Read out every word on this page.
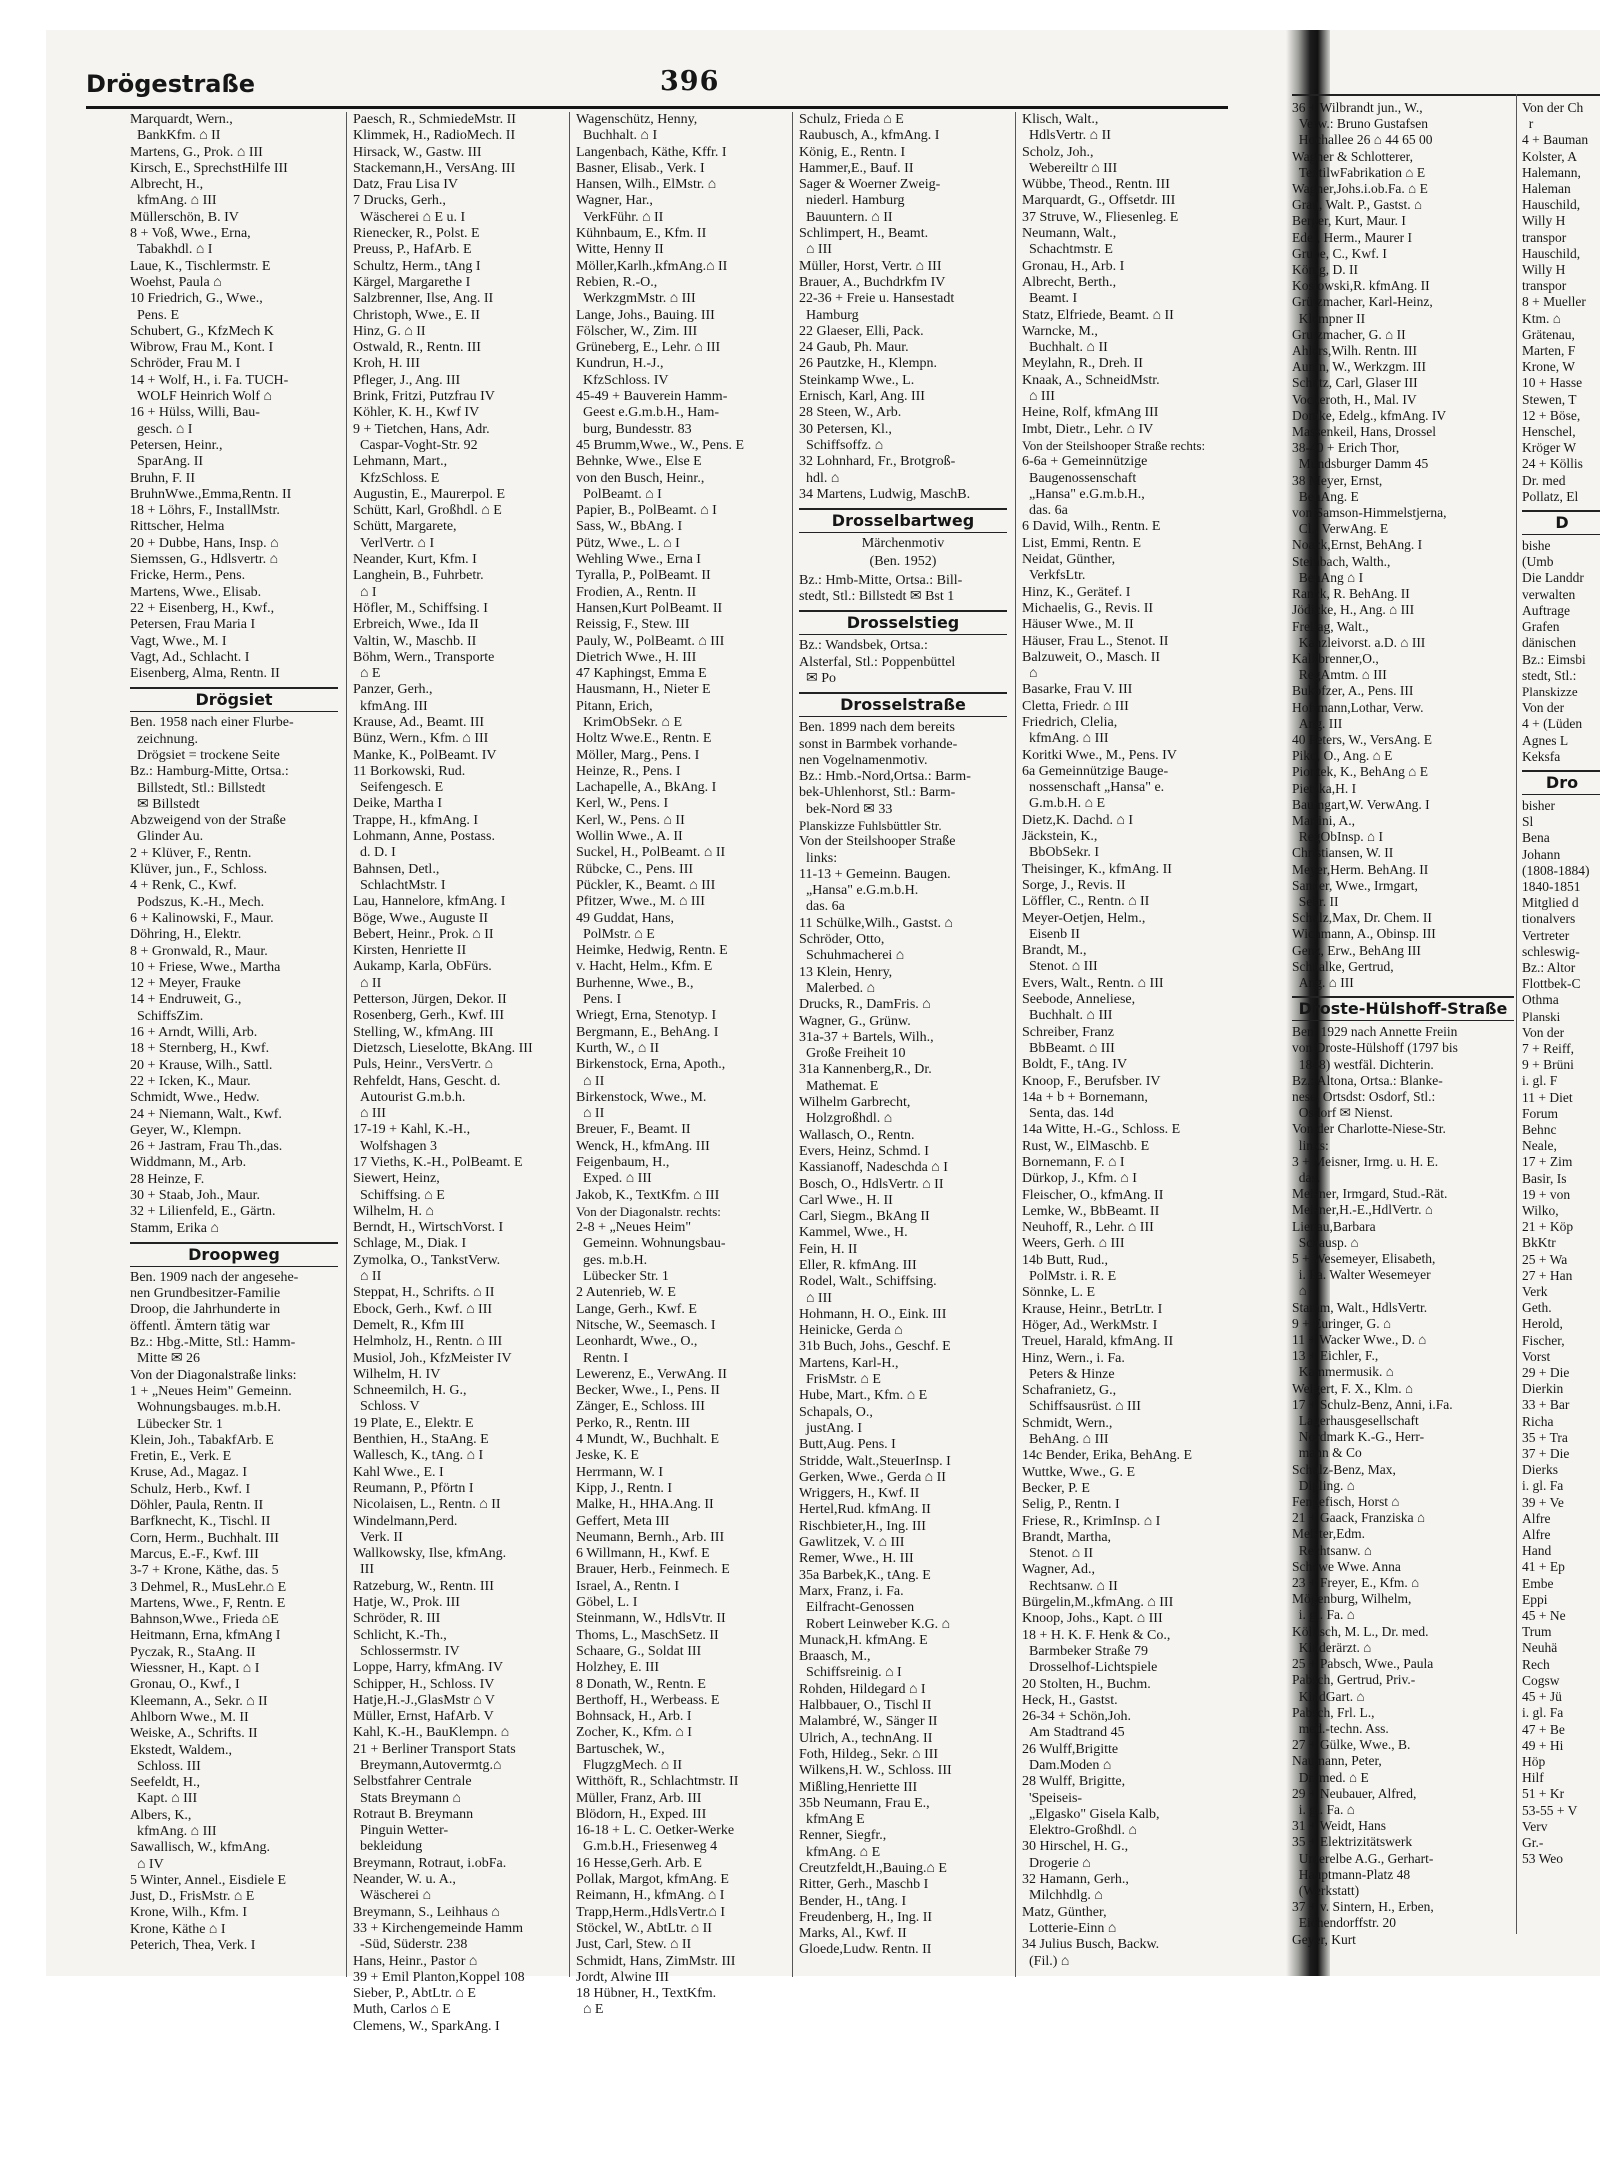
Drögestraße	396
Marquardt, Wern.,
BankKfm. ⌂ II
Martens, G., Prok. ⌂ III
Kirsch, E., SprechstHilfe III
Albrecht, H.,
kfmAng. ⌂ III
Müllerschön, B. IV
8 + Voß, Wwe., Erna,
Tabakhdl. ⌂ I
Laue, K., Tischlermstr. E
Woehst, Paula ⌂
10 Friedrich, G., Wwe.,
Pens. E
Schubert, G., KfzMech K
Wibrow, Frau M., Kont. I
Schröder, Frau M. I
14 + Wolf, H., i. Fa. TUCH-
WOLF Heinrich Wolf ⌂
16 + Hülss, Willi, Bau-
gesch. ⌂ I
Petersen, Heinr.,
SparAng. II
Bruhn, F. II
BruhnWwe.,Emma,Rentn. II
18 + Löhrs, F., InstallMstr.
Rittscher, Helma
20 + Dubbe, Hans, Insp. ⌂
Siemssen, G., Hdlsvertr. ⌂
Fricke, Herm., Pens.
Martens, Wwe., Elisab.
22 + Eisenberg, H., Kwf.,
Petersen, Frau Maria I
Vagt, Wwe., M. I
Vagt, Ad., Schlacht. I
Eisenberg, Alma, Rentn. II
Drögsiet
Ben. 1958 nach einer Flurbe-
zeichnung.
Drögsiet = trockene Seite
Bz.: Hamburg-Mitte, Ortsa.:
Billstedt, Stl.: Billstedt
✉ Billstedt
Abzweigend von der Straße
Glinder Au.
2 + Klüver, F., Rentn.
Klüver, jun., F., Schloss.
4 + Renk, C., Kwf.
Podszus, K.-H., Mech.
6 + Kalinowski, F., Maur.
Döhring, H., Elektr.
8 + Gronwald, R., Maur.
10 + Friese, Wwe., Martha
12 + Meyer, Frauke
14 + Endruweit, G.,
SchiffsZim.
16 + Arndt, Willi, Arb.
18 + Sternberg, H., Kwf.
20 + Krause, Wilh., Sattl.
22 + Icken, K., Maur.
Schmidt, Wwe., Hedw.
24 + Niemann, Walt., Kwf.
Geyer, W., Klempn.
26 + Jastram, Frau Th.,das.
Widdmann, M., Arb.
28 Heinze, F.
30 + Staab, Joh., Maur.
32 + Lilienfeld, E., Gärtn.
Stamm, Erika ⌂
Droopweg
Ben. 1909 nach der angesehe-
nen Grundbesitzer-Familie
Droop, die Jahrhunderte in
öffentl. Ämtern tätig war
Bz.: Hbg.-Mitte, Stl.: Hamm-
Mitte ✉ 26
Von der Diagonalstraße links:
1 + „Neues Heim" Gemeinn.
Wohnungsbauges. m.b.H.
Lübecker Str. 1
Klein, Joh., TabakfArb. E
Fretin, E., Verk. E
Kruse, Ad., Magaz. I
Schulz, Herb., Kwf. I
Döhler, Paula, Rentn. II
Barfknecht, K., Tischl. II
Corn, Herm., Buchhalt. III
Marcus, E.-F., Kwf. III
3-7 + Krone, Käthe, das. 5
3 Dehmel, R., MusLehr.⌂ E
Martens, Wwe., F, Rentn. E
Bahnson,Wwe., Frieda ⌂E
Heitmann, Erna, kfmAng I
Pyczak, R., StaAng. II
Wiessner, H., Kapt. ⌂ I
Gronau, O., Kwf., I
Kleemann, A., Sekr. ⌂ II
Ahlborn Wwe., M. II
Weiske, A., Schrifts. II
Ekstedt, Waldem.,
Schloss. III
Seefeldt, H.,
Kapt. ⌂ III
Albers, K.,
kfmAng. ⌂ III
Sawallisch, W., kfmAng.
⌂ IV
5 Winter, Annel., Eisdiele E
Just, D., FrisMstr. ⌂ E
Krone, Wilh., Kfm. I
Krone, Käthe ⌂ I
Peterich, Thea, Verk. I
Paesch, R., SchmiedeMstr. II
Klimmek, H., RadioMech. II
Hirsack, W., Gastw. III
Stackemann,H., VersAng. III
Datz, Frau Lisa IV
7 Drucks, Gerh.,
Wäscherei ⌂ E u. I
Rienecker, R., Polst. E
Preuss, P., HafArb. E
Schultz, Herm., tAng I
Kärgel, Margarethe I
Salzbrenner, Ilse, Ang. II
Christoph, Wwe., E. II
Hinz, G. ⌂ II
Ostwald, R., Rentn. III
Kroh, H. III
Pfleger, J., Ang. III
Brink, Fritzi, Putzfrau IV
Köhler, K. H., Kwf IV
9 + Tietchen, Hans, Adr.
Caspar-Voght-Str. 92
Lehmann, Mart.,
KfzSchloss. E
Augustin, E., Maurerpol. E
Schütt, Karl, Großhdl. ⌂ E
Schütt, Margarete,
VerlVertr. ⌂ I
Neander, Kurt, Kfm. I
Langhein, B., Fuhrbetr.
⌂ I
Höfler, M., Schiffsing. I
Erbreich, Wwe., Ida II
Valtin, W., Maschb. II
Böhm, Wern., Transporte
⌂ E
Panzer, Gerh.,
kfmAng. III
Krause, Ad., Beamt. III
Bünz, Wern., Kfm. ⌂ III
Manke, K., PolBeamt. IV
11 Borkowski, Rud.
Seifengesch. E
Deike, Martha I
Trappe, H., kfmAng. I
Lohmann, Anne, Postass.
d. D. I
Bahnsen, Detl.,
SchlachtMstr. I
Lau, Hannelore, kfmAng. I
Böge, Wwe., Auguste II
Bebert, Heinr., Prok. ⌂ II
Kirsten, Henriette II
Aukamp, Karla, ObFürs.
⌂ II
Petterson, Jürgen, Dekor. II
Rosenberg, Gerh., Kwf. III
Stelling, W., kfmAng. III
Dietzsch, Lieselotte, BkAng. III
Puls, Heinr., VersVertr. ⌂
Rehfeldt, Hans, Gescht. d.
Autourist G.m.b.h.
⌂ III
17-19 + Kahl, K.-H.,
Wolfshagen 3
17 Vieths, K.-H., PolBeamt. E
Siewert, Heinz,
Schiffsing. ⌂ E
Wilhelm, H. ⌂
Berndt, H., WirtschVorst. I
Schlage, M., Diak. I
Zymolka, O., TankstVerw.
⌂ II
Steppat, H., Schrifts. ⌂ II
Ebock, Gerh., Kwf. ⌂ III
Demelt, R., Kfm III
Helmholz, H., Rentn. ⌂ III
Musiol, Joh., KfzMeister IV
Wilhelm, H. IV
Schneemilch, H. G.,
Schloss. V
19 Plate, E., Elektr. E
Benthien, H., StaAng. E
Wallesch, K., tAng. ⌂ I
Kahl Wwe., E. I
Reumann, P., Pförtn I
Nicolaisen, L., Rentn. ⌂ II
Windelmann,Perd.
Verk. II
Wallkowsky, Ilse, kfmAng.
III
Ratzeburg, W., Rentn. III
Hatje, W., Prok. III
Schröder, R. III
Schlicht, K.-Th.,
Schlossermstr. IV
Loppe, Harry, kfmAng. IV
Schipper, H., Schloss. IV
Hatje,H.-J.,GlasMstr ⌂ V
Müller, Ernst, HafArb. V
Kahl, K.-H., BauKlempn. ⌂
21 + Berliner Transport Stats
Breymann,Autovermtg.⌂
Selbstfahrer Centrale
Stats Breymann ⌂
Rotraut B. Breymann
Pinguin Wetter-
bekleidung
Breymann, Rotraut, i.obFa.
Neander, W. u. A.,
Wäscherei ⌂
Breymann, S., Leihhaus ⌂
33 + Kirchengemeinde Hamm
-Süd, Süderstr. 238
Hans, Heinr., Pastor ⌂
39 + Emil Planton,Koppel 108
Sieber, P., AbtLtr. ⌂ E
Muth, Carlos ⌂ E
Clemens, W., SparkAng. I
Wagenschütz, Henny,
Buchhalt. ⌂ I
Langenbach, Käthe, Kffr. I
Basner, Elisab., Verk. I
Hansen, Wilh., ElMstr. ⌂
Wagner, Har.,
VerkFühr. ⌂ II
Kühnbaum, E., Kfm. II
Witte, Henny II
Möller,Karlh.,kfmAng.⌂ II
Rebien, R.-O.,
WerkzgmMstr. ⌂ III
Lange, Johs., Bauing. III
Fölscher, W., Zim. III
Grüneberg, E., Lehr. ⌂ III
Kundrun, H.-J.,
KfzSchloss. IV
45-49 + Bauverein Hamm-
Geest e.G.m.b.H., Ham-
burg, Bundesstr. 83
45 Brumm,Wwe., W., Pens. E
Behnke, Wwe., Else E
von den Busch, Heinr.,
PolBeamt. ⌂ I
Papier, B., PolBeamt. ⌂ I
Sass, W., BbAng. I
Pütz, Wwe., L. ⌂ I
Wehling Wwe., Erna I
Tyralla, P., PolBeamt. II
Frodien, A., Rentn. II
Hansen,Kurt PolBeamt. II
Reissig, F., Stew. III
Pauly, W., PolBeamt. ⌂ III
Dietrich Wwe., H. III
47 Kaphingst, Emma E
Hausmann, H., Nieter E
Pitann, Erich,
KrimObSekr. ⌂ E
Holtz Wwe.E., Rentn. E
Möller, Marg., Pens. I
Heinze, R., Pens. I
Lachapelle, A., BkAng. I
Kerl, W., Pens. I
Kerl, W., Pens. ⌂ II
Wollin Wwe., A. II
Suckel, H., PolBeamt. ⌂ II
Rübcke, C., Pens. III
Pückler, K., Beamt. ⌂ III
Pfitzer, Wwe., M. ⌂ III
49 Guddat, Hans,
PolMstr. ⌂ E
Heimke, Hedwig, Rentn. E
v. Hacht, Helm., Kfm. E
Burhenne, Wwe., B.,
Pens. I
Wriegt, Erna, Stenotyp. I
Bergmann, E., BehAng. I
Kurth, W., ⌂ II
Birkenstock, Erna, Apoth.,
⌂ II
Birkenstock, Wwe., M.
⌂ II
Breuer, F., Beamt. II
Wenck, H., kfmAng. III
Feigenbaum, H.,
Exped. ⌂ III
Jakob, K., TextKfm. ⌂ III
Von der Diagonalstr. rechts:
2-8 + „Neues Heim"
Gemeinn. Wohnungsbau-
ges. m.b.H.
Lübecker Str. 1
2 Autenrieb, W. E
Lange, Gerh., Kwf. E
Nitsche, W., Seemasch. I
Leonhardt, Wwe., O.,
Rentn. I
Lewerenz, E., VerwAng. II
Becker, Wwe., I., Pens. II
Zänger, E., Schloss. III
Perko, R., Rentn. III
4 Mundt, W., Buchhalt. E
Jeske, K. E
Herrmann, W. I
Kipp, J., Rentn. I
Malke, H., HHA.Ang. II
Geffert, Meta III
Neumann, Bernh., Arb. III
6 Willmann, H., Kwf. E
Brauer, Herb., Feinmech. E
Israel, A., Rentn. I
Göbel, L. I
Steinmann, W., HdlsVtr. II
Thoms, L., MaschSetz. II
Schaare, G., Soldat III
Holzhey, E. III
8 Donath, W., Rentn. E
Berthoff, H., Werbeass. E
Bohnsack, H., Arb. I
Zocher, K., Kfm. ⌂ I
Bartuschek, W.,
FlugzgMech. ⌂ II
Witthöft, R., Schlachtmstr. II
Müller, Franz, Arb. III
Blödorn, H., Exped. III
16-18 + L. C. Oetker-Werke
G.m.b.H., Friesenweg 4
16 Hesse,Gerh. Arb. E
Pollak, Margot, kfmAng. E
Reimann, H., kfmAng. ⌂ I
Trapp,Herm.,HdlsVertr.⌂ I
Stöckel, W., AbtLtr. ⌂ II
Just, Carl, Stew. ⌂ II
Schmidt, Hans, ZimMstr. III
Jordt, Alwine III
18 Hübner, H., TextKfm.
⌂ E
Schulz, Frieda ⌂ E
Raubusch, A., kfmAng. I
König, E., Rentn. I
Hammer,E., Bauf. II
Sager & Woerner Zweig-
niederl. Hamburg
Bauuntern. ⌂ II
Schlimpert, H., Beamt.
⌂ III
Müller, Horst, Vertr. ⌂ III
Brauer, A., Buchdrkfm IV
22-36 + Freie u. Hansestadt
Hamburg
22 Glaeser, Elli, Pack.
24 Gaub, Ph. Maur.
26 Pautzke, H., Klempn.
Steinkamp Wwe., L.
Ernisch, Karl, Ang. III
28 Steen, W., Arb.
30 Petersen, Kl.,
Schiffsoffz. ⌂
32 Lohnhard, Fr., Brotgroß-
hdl. ⌂
34 Martens, Ludwig, MaschB.
Drosselbartweg
Märchenmotiv
(Ben. 1952)
Bz.: Hmb-Mitte, Ortsa.: Bill-
stedt, Stl.: Billstedt ✉ Bst 1
Drosselstieg
Bz.: Wandsbek, Ortsa.:
Alsterfal, Stl.: Poppenbüttel
✉ Po
Drosselstraße
Ben. 1899 nach dem bereits
sonst in Barmbek vorhande-
nen Vogelnamenmotiv.
Bz.: Hmb.-Nord,Ortsa.: Barm-
bek-Uhlenhorst, Stl.: Barm-
bek-Nord ✉ 33
Planskizze Fuhlsbüttler Str.
Von der Steilshooper Straße
links:
11-13 + Gemeinn. Baugen.
„Hansa" e.G.m.b.H.
das. 6a
11 Schülke,Wilh., Gastst. ⌂
Schröder, Otto,
Schuhmacherei ⌂
13 Klein, Henry,
Malerbed. ⌂
Drucks, R., DamFris. ⌂
Wagner, G., Grünw.
31a-37 + Bartels, Wilh.,
Große Freiheit 10
31a Kannenberg,R., Dr.
Mathemat. E
Wilhelm Garbrecht,
Holzgroßhdl. ⌂
Wallasch, O., Rentn.
Evers, Heinz, Schmd. I
Kassianoff, Nadeschda ⌂ I
Bosch, O., HdlsVertr. ⌂ II
Carl Wwe., H. II
Carl, Siegm., BkAng II
Kammel, Wwe., H.
Fein, H. II
Eller, R. kfmAng. III
Rodel, Walt., Schiffsing.
⌂ III
Hohmann, H. O., Eink. III
Heinicke, Gerda ⌂
31b Buch, Johs., Geschf. E
Martens, Karl-H.,
FrisMstr. ⌂ E
Hube, Mart., Kfm. ⌂ E
Schapals, O.,
justAng. I
Butt,Aug. Pens. I
Stridde, Walt.,SteuerInsp. I
Gerken, Wwe., Gerda ⌂ II
Wriggers, H., Kwf. II
Hertel,Rud. kfmAng. II
Rischbieter,H., Ing. III
Gawlitzek, V. ⌂ III
Remer, Wwe., H. III
35a Barbek,K., tAng. E
Marx, Franz, i. Fa.
Eilfracht-Genossen
Robert Leinweber K.G. ⌂
Munack,H. kfmAng. E
Braasch, M.,
Schiffsreinig. ⌂ I
Rohden, Hildegard ⌂ I
Halbbauer, O., Tischl II
Malambré, W., Sänger II
Ulrich, A., technAng. II
Foth, Hildeg., Sekr. ⌂ III
Wilkens,H. W., Schloss. III
Mißling,Henriette III
35b Neumann, Frau E.,
kfmAng E
Renner, Siegfr.,
kfmAng. ⌂ E
Creutzfeldt,H.,Bauing.⌂ E
Ritter, Gerh., Maschb I
Bender, H., tAng. I
Freudenberg, H., Ing. II
Marks, Al., Kwf. II
Gloede,Ludw. Rentn. II
Klisch, Walt.,
HdlsVertr. ⌂ II
Scholz, Joh.,
Webereiltr ⌂ III
Wübbe, Theod., Rentn. III
Marquardt, G., Offsetdr. III
37 Struve, W., Fliesenleg. E
Neumann, Walt.,
Schachtmstr. E
Gronau, H., Arb. I
Albrecht, Berth.,
Beamt. I
Statz, Elfriede, Beamt. ⌂ II
Warncke, M.,
Buchhalt. ⌂ II
Meylahn, R., Dreh. II
Knaak, A., SchneidMstr.
⌂ III
Heine, Rolf, kfmAng III
Imbt, Dietr., Lehr. ⌂ IV
Von der Steilshooper Straße rechts:
6-6a + Gemeinnützige
Baugenossenschaft
„Hansa" e.G.m.b.H.,
das. 6a
6 David, Wilh., Rentn. E
List, Emmi, Rentn. E
Neidat, Günther,
VerkfsLtr.
Hinz, K., Gerätef. I
Michaelis, G., Revis. II
Häuser Wwe., M. II
Häuser, Frau L., Stenot. II
Balzuweit, O., Masch. II
⌂
Basarke, Frau V. III
Cletta, Friedr. ⌂ III
Friedrich, Clelia,
kfmAng. ⌂ III
Koritki Wwe., M., Pens. IV
6a Gemeinnützige Bauge-
nossenschaft „Hansa" e.
G.m.b.H. ⌂ E
Dietz,K. Dachd. ⌂ I
Jäckstein, K.,
BbObSekr. I
Theisinger, K., kfmAng. II
Sorge, J., Revis. II
Löffler, C., Rentn. ⌂ II
Meyer-Oetjen, Helm.,
Eisenb II
Brandt, M.,
Stenot. ⌂ III
Evers, Walt., Rentn. ⌂ III
Seebode, Anneliese,
Buchhalt. ⌂ III
Schreiber, Franz
BbBeamt. ⌂ III
Boldt, F., tAng. IV
Knoop, F., Berufsber. IV
14a + b + Bornemann,
Senta, das. 14d
14a Witte, H.-G., Schloss. E
Rust, W., ElMaschb. E
Bornemann, F. ⌂ I
Dürkop, J., Kfm. ⌂ I
Fleischer, O., kfmAng. II
Lemke, W., BbBeamt. II
Neuhoff, R., Lehr. ⌂ III
Weers, Gerh. ⌂ III
14b Butt, Rud.,
PolMstr. i. R. E
Sönnke, L. E
Krause, Heinr., BetrLtr. I
Höger, Ad., WerkMstr. I
Treuel, Harald, kfmAng. II
Hinz, Wern., i. Fa.
Peters & Hinze
Schafranietz, G.,
Schiffsausrüst. ⌂ III
Schmidt, Wern.,
BehAng. ⌂ III
14c Bender, Erika, BehAng. E
Wuttke, Wwe., G. E
Becker, P. E
Selig, P., Rentn. I
Friese, R., KrimInsp. ⌂ I
Brandt, Martha,
Stenot. ⌂ II
Wagner, Ad.,
Rechtsanw. ⌂ II
Bürgelin,M.,kfmAng. ⌂ III
Knoop, Johs., Kapt. ⌂ III
18 + H. K. F. Henk & Co.,
Barmbeker Straße 79
Drosselhof-Lichtspiele
20 Stolten, H., Buchm.
Heck, H., Gastst.
26-34 + Schön,Joh.
Am Stadtrand 45
26 Wulff,Brigitte
Dam.Moden ⌂
28 Wulff, Brigitte,
'Speiseis-
„Elgasko" Gisela Kalb,
Elektro-Großhdl. ⌂
30 Hirschel, H. G.,
Drogerie ⌂
32 Hamann, Gerh.,
Milchhdlg. ⌂
Matz, Günther,
Lotterie-Einn ⌂
34 Julius Busch, Backw.
(Fil.) ⌂
36 + Wilbrandt jun., W.,
Verw.: Bruno Gustafsen
Hochallee 26 ⌂ 44 65 00
Wagner & Schlotterer,
TextilwFabrikation ⌂ E
Wagner,Johs.i.ob.Fa. ⌂ E
Grau, Walt. P., Gastst. ⌂
Berger, Kurt, Maur. I
Edel, Herm., Maurer I
Grube, C., Kwf. I
König, D. II
Koslowski,R. kfmAng. II
Grützmacher, Karl-Heinz,
Klempner II
Grutzmacher, G. ⌂ II
Ahlers,Wilh. Rentn. III
Aunin, W., Werkzgm. III
Schütz, Carl, Glaser III
Vockeroth, H., Mal. IV
Domke, Edelg., kfmAng. IV
Massenkeil, Hans, Drossel
38-40 + Erich Thor,
Mundsburger Damm 45
38 Meyer, Ernst,
BehAng. E
von Samson-Himmelstjerna,
Cl., VerwAng. E
Noack,Ernst, BehAng. I
Steinbach, Walth.,
BehAng ⌂ I
Ranck, R. BehAng. II
Jödicke, H., Ang. ⌂ III
Freitag, Walt.,
Kanzleivorst. a.D. ⌂ III
Kalkbrenner,O.,
RegAmtm. ⌂ III
Bukofzer, A., Pens. III
Hoffmann,Lothar, Verw.
Ang. III
40 Peters, W., VersAng. E
Piko, O., Ang. ⌂ E
Piontek, K., BehAng ⌂ E
Pietzka,H. I
Baumgart,W. VerwAng. I
Martini, A.,
RegObInsp. ⌂ I
Christiansen, W. II
Meyer,Herm. BehAng. II
Sander, Wwe., Irmgart,
Sekr. II
Schulz,Max, Dr. Chem. II
Wichmann, A., Obinsp. III
Genz, Erw., BehAng III
Schnalke, Gertrud,
Ang. ⌂ III
Droste-Hülshoff-Straße
Ben. 1929 nach Annette Freiin
von Droste-Hülshoff (1797 bis
1848) westfäl. Dichterin.
Bz.: Altona, Ortsa.: Blanke-
nese, Ortsdst: Osdorf, Stl.:
Osdorf ✉ Nienst.
Von der Charlotte-Niese-Str.
links:
3 + Meisner, Irmg. u. H. E.
das.
Meisner, Irmgard, Stud.-Rät.
Meisner,H.-E.,HdlVertr. ⌂
Lienau,Barbara
Schausp. ⌂
5 + Wesemeyer, Elisabeth,
i. Fa. Walter Wesemeyer
⌂
Stamm, Walt., HdlsVertr.
9 + Euringer, G. ⌂
11 + Wacker Wwe., D. ⌂
13 + Eichler, F.,
Kammermusik. ⌂
Weigert, F. X., Klm. ⌂
17 + Schulz-Benz, Anni, i.Fa.
Lagerhausgesellschaft
Nordmark K.-G., Herr-
mann & Co
Schulz-Benz, Max,
Dipling. ⌂
Fengefisch, Horst ⌂
21 + Gaack, Franziska ⌂
Meister,Edm.
Rechtsanw. ⌂
Schewe Wwe. Anna
23 + Freyer, E., Kfm. ⌂
Mögenburg, Wilhelm,
i. gl. Fa. ⌂
Köllisch, M. L., Dr. med.
Kinderärzt. ⌂
25 + Pabsch, Wwe., Paula
Pabsch, Gertrud, Priv.-
KindGart. ⌂
Pabsch, Frl. L.,
med.-techn. Ass.
27 + Gülke, Wwe., B.
Naumann, Peter,
Dr. med. ⌂ E
29 + Neubauer, Alfred,
i. gl. Fa. ⌂
31 + Weidt, Hans
35 + Elektrizitätswerk
Unterelbe A.G., Gerhart-
Hauptmann-Platz 48
(Werkstatt)
37 + v. Sintern, H., Erben,
Eichendorffstr. 20
Geyer, Kurt
Von der Ch
r
4 + Bauman
Kolster, A
Halemann,
Haleman
Hauschild,
Willy H
transpor
Hauschild,
Willy H
transpor
8 + Mueller
Ktm. ⌂
Grätenau,
Marten, F
Krone, W
10 + Hasse
Stewen, T
12 + Böse,
Henschel,
Kröger W
24 + Köllis
Dr. med
Pollatz, El
D
bishe
(Umb
Die Landdr
verwalten
Auftrage
Grafen
dänischen
Bz.: Eimsbi
stedt, Stl.:
Planskizze
Von der
4 + (Lüden
Agnes L
Keksfa
Dro
bisher
Sl
Bena
Johann
(1808-1884)
1840-1851
Mitglied d
tionalvers
Vertreter
schleswig-
Bz.: Altor
Flottbek-C
Othma
Planski
Von der
7 + Reiff,
9 + Brüni
i. gl. F
11 + Diet
Forum
Behnc
Neale,
17 + Zim
Basir, Is
19 + von
Wilko,
21 + Köp
BkKtr
25 + Wa
27 + Han
Verk
Geth.
Herold,
Fischer,
Vorst
29 + Die
Dierkin
33 + Bar
Richa
35 + Tra
37 + Die
Dierks
i. gl. Fa
39 + Ve
Alfre
Alfre
Hand
41 + Ep
Embe
Eppi
45 + Ne
Trum
Neuhä
Rech
Cogsw
45 + Jü
i. gl. Fa
47 + Be
49 + Hi
Höp
Hilf
51 + Kr
53-55 + V
Verv
Gr.-
53 Weo
